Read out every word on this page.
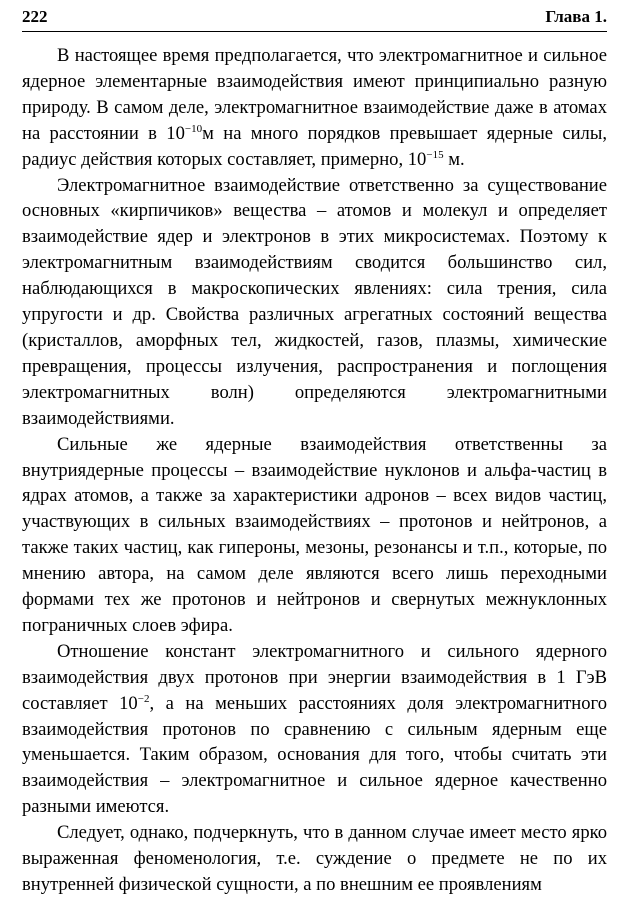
222	Глава 1.

В настоящее время предполагается, что электромагнитное и сильное ядерное элементарные взаимодействия имеют принципиально разную природу. В самом деле, электромагнитное взаимодействие даже в атомах на расстоянии в $10^{-10}м$ на много порядков превышает ядерные силы, радиус действия которых составляет, примерно, $10^{-15}$ м.

Электромагнитное взаимодействие ответственно за существование основных «кирпичиков» вещества – атомов и молекул и определяет взаимодействие ядер и электронов в этих микросистемах. Поэтому к электромагнитным взаимодействиям сводится большинство сил, наблюдающихся в макроскопических явлениях: сила трения, сила упругости и др. Свойства различных агрегатных состояний вещества (кристаллов, аморфных тел, жидкостей, газов, плазмы, химические превращения, процессы излучения, распространения и поглощения электромагнитных волн) определяются электромагнитными взаимодействиями.

Сильные же ядерные взаимодействия ответственны за внутриядерные процессы – взаимодействие нуклонов и альфа-частиц в ядрах атомов, а также за характеристики адронов – всех видов частиц, участвующих в сильных взаимодействиях – протонов и нейтронов, а также таких частиц, как гипероны, мезоны, резонансы и т.п., которые, по мнению автора, на самом деле являются всего лишь переходными формами тех же протонов и нейтронов и свернутых межнуклонных пограничных слоев эфира.

Отношение констант электромагнитного и сильного ядерного взаимодействия двух протонов при энергии взаимодействия в 1 ГэВ составляет $10^{-2}$, а на меньших расстояниях доля электромагнитного взаимодействия протонов по сравнению с сильным ядерным еще уменьшается. Таким образом, основания для того, чтобы считать эти взаимодействия – электромагнитное и сильное ядерное качественно разными имеются.

Следует, однако, подчеркнуть, что в данном случае имеет место ярко выраженная феноменология, т.е. суждение о предмете не по их внутренней физической сущности, а по внешним ее проявлениям
